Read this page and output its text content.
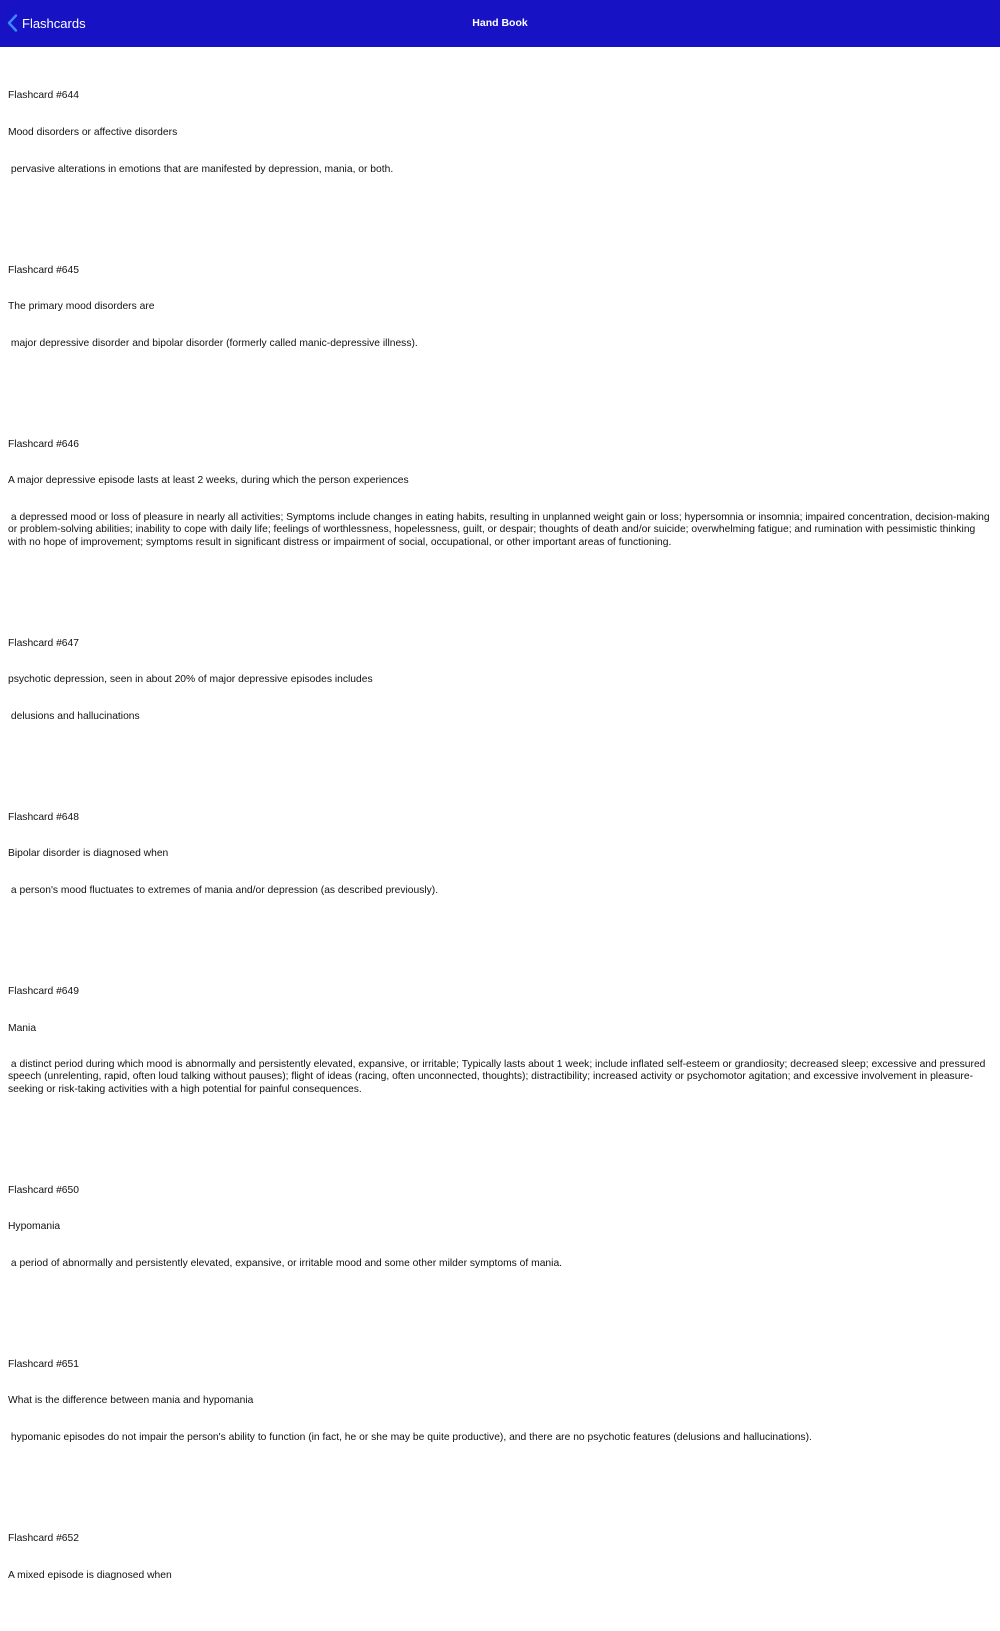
Flashcards	Hand Book

Flashcard #644

Mood disorders or affective disorders

pervasive alterations in emotions that are manifested by depression, mania, or both.

Flashcard #645

The primary mood disorders are

major depressive disorder and bipolar disorder (formerly called manic-depressive illness).

Flashcard #646

A major depressive episode lasts at least 2 weeks, during which the person experiences

a depressed mood or loss of pleasure in nearly all activities; Symptoms include changes in eating habits, resulting in unplanned weight gain or loss; hypersomnia or insomnia; impaired concentration, decision-making or problem-solving abilities; inability to cope with daily life; feelings of worthlessness, hopelessness, guilt, or despair; thoughts of death and/or suicide; overwhelming fatigue; and rumination with pessimistic thinking with no hope of improvement; symptoms result in significant distress or impairment of social, occupational, or other important areas of functioning.

Flashcard #647

psychotic depression, seen in about 20% of major depressive episodes includes

delusions and hallucinations

Flashcard #648

Bipolar disorder is diagnosed when

a person's mood fluctuates to extremes of mania and/or depression (as described previously).

Flashcard #649

Mania

a distinct period during which mood is abnormally and persistently elevated, expansive, or irritable; Typically lasts about 1 week; include inflated self-esteem or grandiosity; decreased sleep; excessive and pressured speech (unrelenting, rapid, often loud talking without pauses); flight of ideas (racing, often unconnected, thoughts); distractibility; increased activity or psychomotor agitation; and excessive involvement in pleasure-seeking or risk-taking activities with a high potential for painful consequences.

Flashcard #650

Hypomania

a period of abnormally and persistently elevated, expansive, or irritable mood and some other milder symptoms of mania.

Flashcard #651

What is the difference between mania and hypomania

hypomanic episodes do not impair the person's ability to function (in fact, he or she may be quite productive), and there are no psychotic features (delusions and hallucinations).

Flashcard #652

A mixed episode is diagnosed when
